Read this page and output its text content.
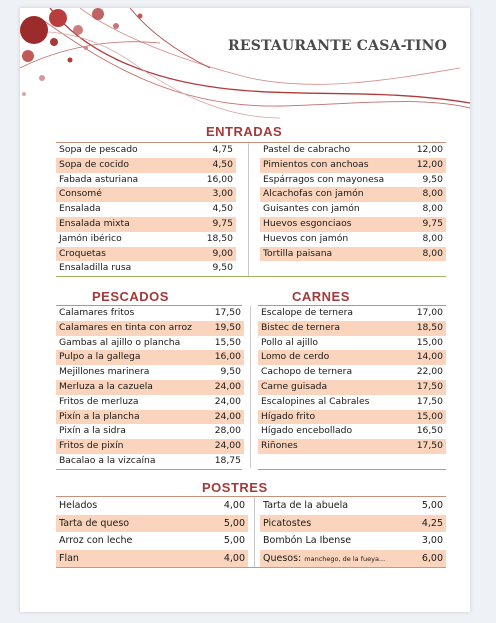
RESTAURANTE CASA-TINO
ENTRADAS
Sopa de pescado	4,75
Sopa de cocido	4,50
Fabada asturiana	16,00
Consomé	3,00
Ensalada	4,50
Ensalada mixta	9,75
Jamón ibérico	18,50
Croquetas	9,00
Ensaladilla rusa	9,50
Pastel de cabracho	12,00
Pimientos con anchoas	12,00
Espárragos con mayonesa	9,50
Alcachofas con jamón	8,00
Guisantes con jamón	8,00
Huevos esgonciaos	9,75
Huevos con jamón	8,00
Tortilla paisana	8,00
PESCADOS	CARNES
Calamares fritos	17,50
Calamares en tinta con arroz	19,50
Gambas al ajillo o plancha	15,50
Pulpo a la gallega	16,00
Mejillones marinera	9,50
Merluza a la cazuela	24,00
Fritos de merluza	24,00
Pixín a la plancha	24,00
Pixín a la sidra	28,00
Fritos de pixín	24,00
Bacalao a la vizcaína	18,75
Escalope de ternera	17,00
Bistec de ternera	18,50
Pollo al ajillo	15,00
Lomo de cerdo	14,00
Cachopo de ternera	22,00
Carne guisada	17,50
Escalopines al Cabrales	17,50
Hígado frito	15,00
Hígado encebollado	16,50
Riñones	17,50
POSTRES
Helados	4,00
Tarta de queso	5,00
Arroz con leche	5,00
Flan	4,00
Tarta de la abuela	5,00
Picatostes	4,25
Bombón La Ibense	3,00
Quesos: manchego, de la fueya...	6,00
